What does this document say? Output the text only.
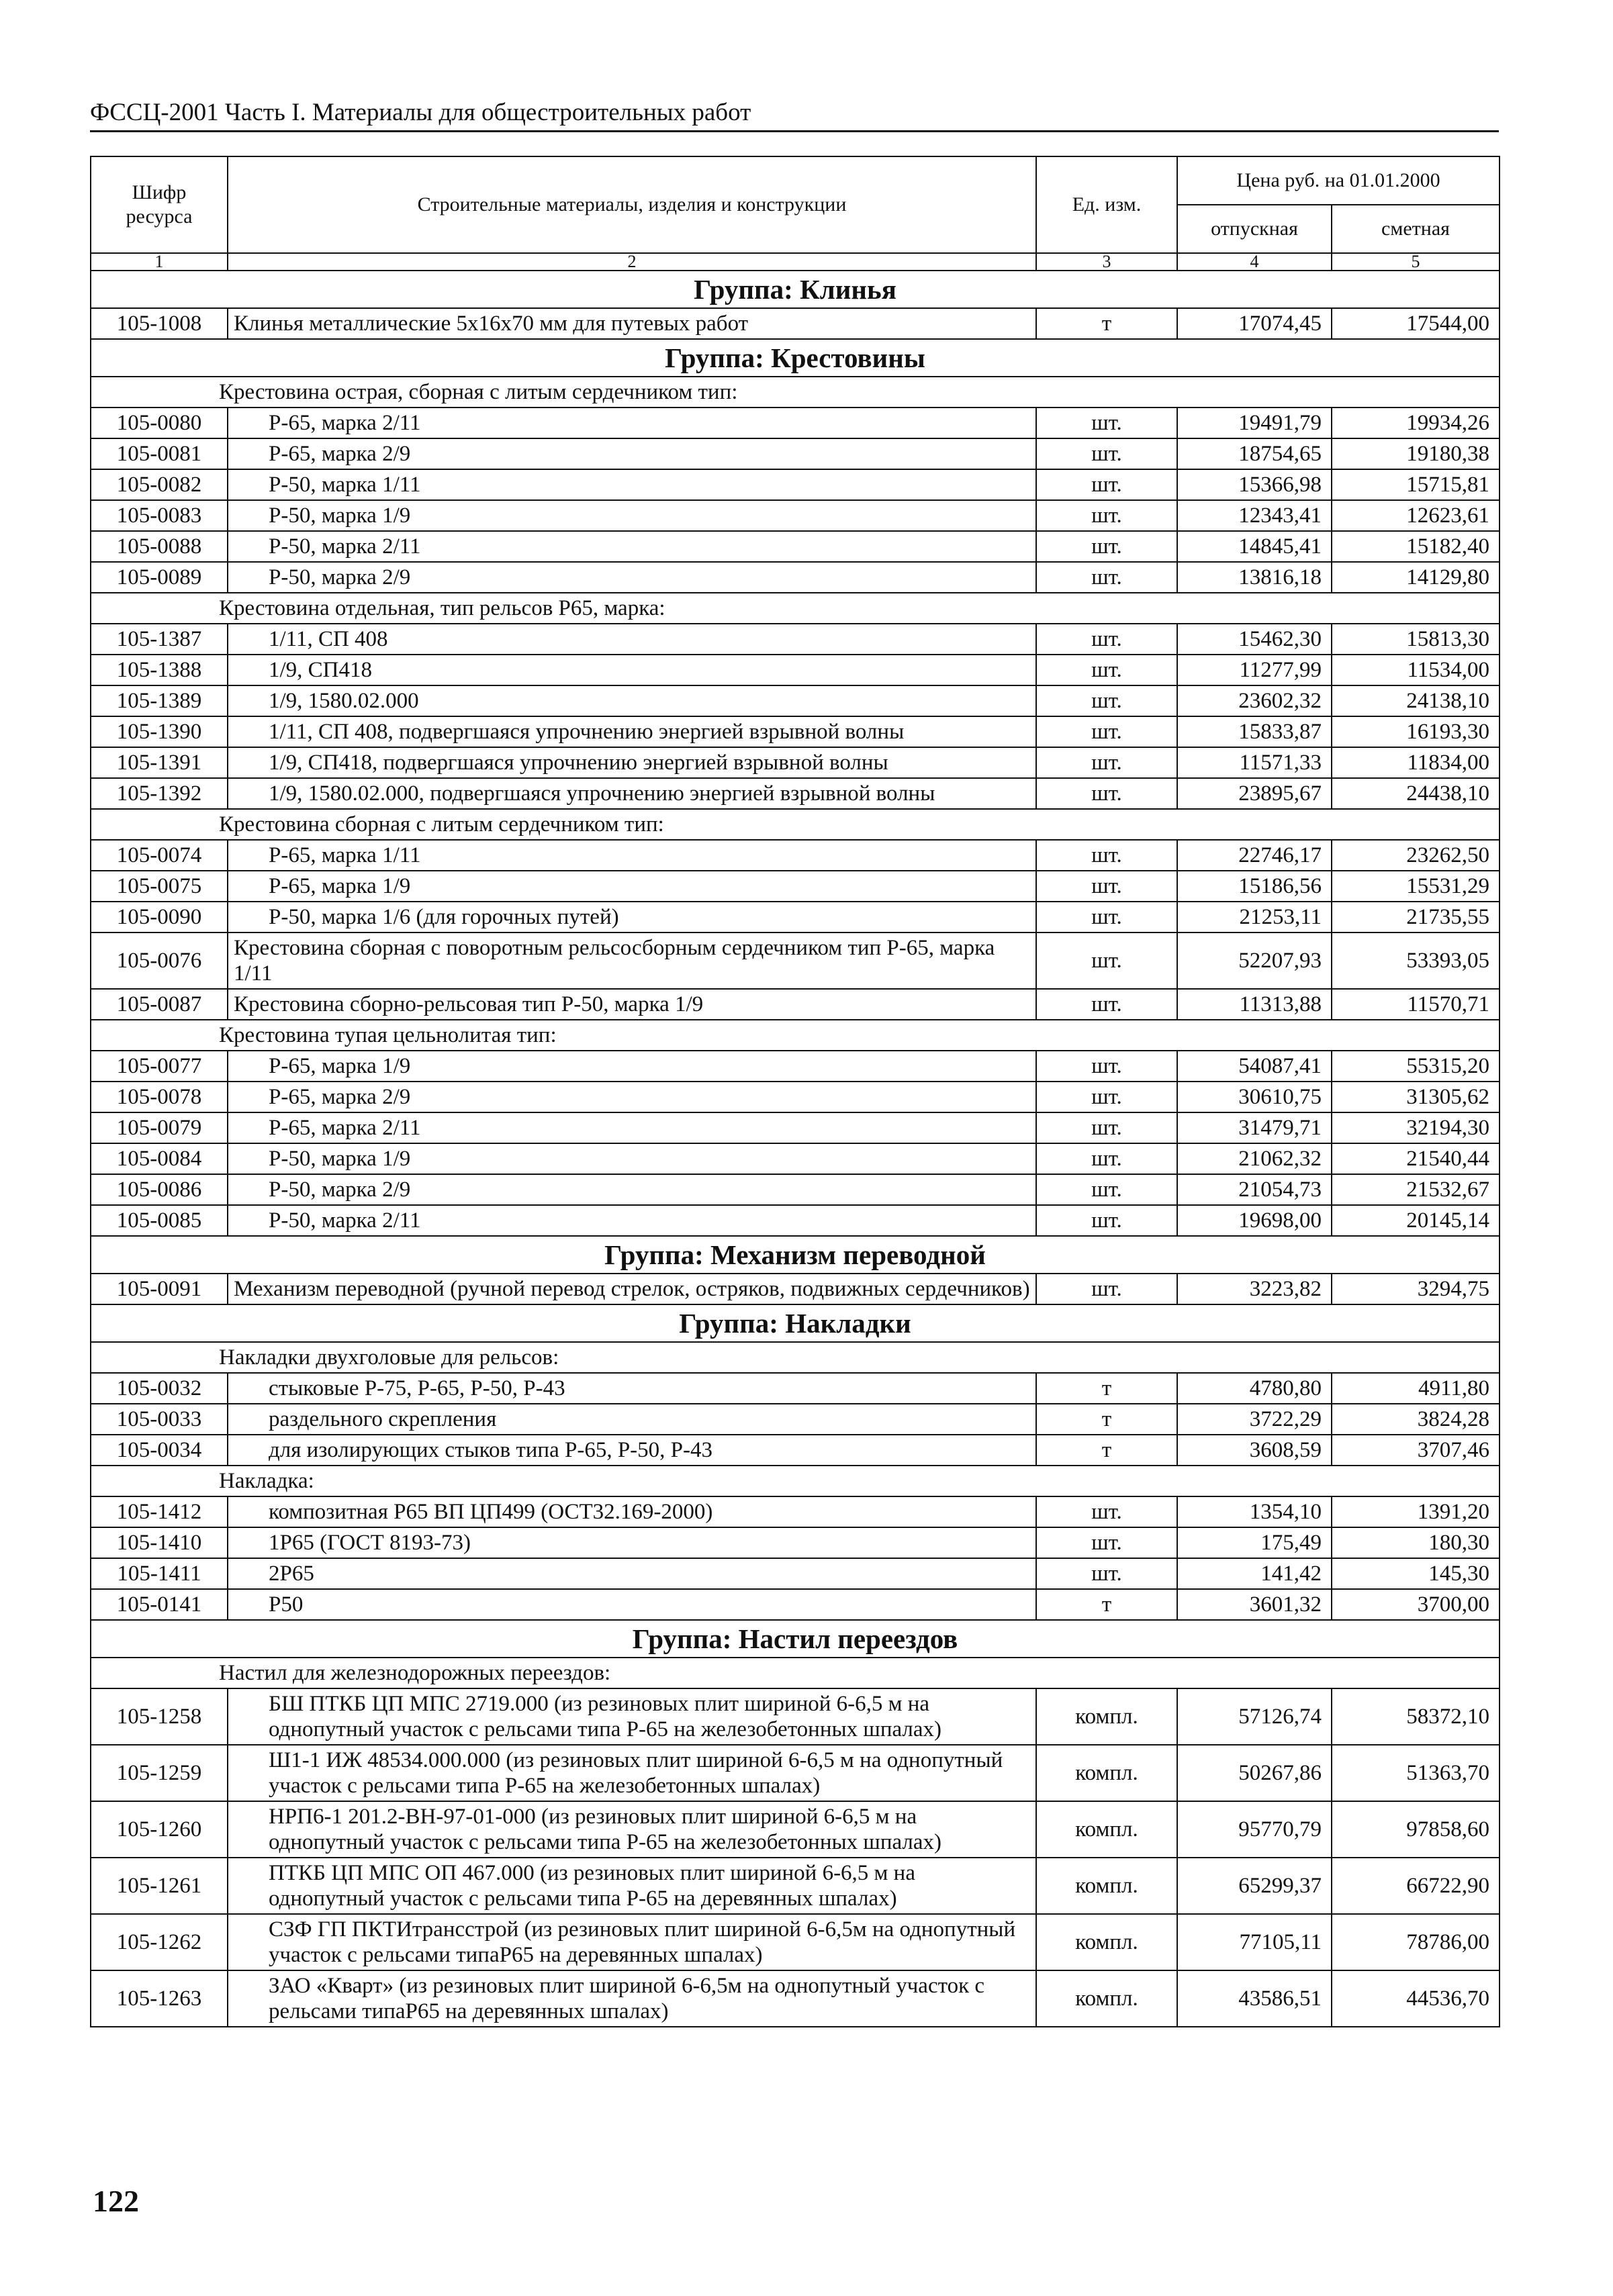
ФССЦ-2001 Часть I. Материалы для общестроительных работ
Шифр ресурса	Строительные материалы, изделия и конструкции	Ед. изм.	Цена руб. на 01.01.2000	
			отпускная	сметная
1	2	3	4	5
Группа: Клинья				
105-1008	Клинья металлические 5х16х70 мм для путевых работ	т	17074,45	17544,00
Группа: Крестовины				
Крестовина острая, сборная с литым сердечником тип:				
105-0080	Р-65, марка 2/11	шт.	19491,79	19934,26
105-0081	Р-65, марка 2/9	шт.	18754,65	19180,38
105-0082	Р-50, марка 1/11	шт.	15366,98	15715,81
105-0083	Р-50, марка 1/9	шт.	12343,41	12623,61
105-0088	Р-50, марка 2/11	шт.	14845,41	15182,40
105-0089	Р-50, марка 2/9	шт.	13816,18	14129,80
Крестовина отдельная, тип рельсов Р65, марка:				
105-1387	1/11, СП 408	шт.	15462,30	15813,30
105-1388	1/9, СП418	шт.	11277,99	11534,00
105-1389	1/9, 1580.02.000	шт.	23602,32	24138,10
105-1390	1/11, СП 408, подвергшаяся упрочнению энергией взрывной волны	шт.	15833,87	16193,30
105-1391	1/9, СП418, подвергшаяся упрочнению энергией взрывной волны	шт.	11571,33	11834,00
105-1392	1/9, 1580.02.000, подвергшаяся упрочнению энергией взрывной волны	шт.	23895,67	24438,10
Крестовина сборная с литым сердечником тип:				
105-0074	Р-65, марка 1/11	шт.	22746,17	23262,50
105-0075	Р-65, марка 1/9	шт.	15186,56	15531,29
105-0090	Р-50, марка 1/6 (для горочных путей)	шт.	21253,11	21735,55
105-0076	Крестовина сборная с поворотным рельсосборным сердечником тип Р-65, марка 1/11	шт.	52207,93	53393,05
105-0087	Крестовина сборно-рельсовая тип Р-50, марка 1/9	шт.	11313,88	11570,71
Крестовина тупая цельнолитая тип:				
105-0077	Р-65, марка 1/9	шт.	54087,41	55315,20
105-0078	Р-65, марка 2/9	шт.	30610,75	31305,62
105-0079	Р-65, марка 2/11	шт.	31479,71	32194,30
105-0084	Р-50, марка 1/9	шт.	21062,32	21540,44
105-0086	Р-50, марка 2/9	шт.	21054,73	21532,67
105-0085	Р-50, марка 2/11	шт.	19698,00	20145,14
Группа: Механизм переводной				
105-0091	Механизм переводной (ручной перевод стрелок, остряков, подвижных сердечников)	шт.	3223,82	3294,75
Группа: Накладки				
Накладки двухголовые для рельсов:				
105-0032	стыковые Р-75, Р-65, Р-50, Р-43	т	4780,80	4911,80
105-0033	раздельного скрепления	т	3722,29	3824,28
105-0034	для изолирующих стыков типа Р-65, Р-50, Р-43	т	3608,59	3707,46
Накладка:				
105-1412	композитная Р65 ВП ЦП499 (ОСТ32.169-2000)	шт.	1354,10	1391,20
105-1410	1Р65 (ГОСТ 8193-73)	шт.	175,49	180,30
105-1411	2Р65	шт.	141,42	145,30
105-0141	Р50	т	3601,32	3700,00
Группа: Настил переездов				
Настил для железнодорожных переездов:				
105-1258	БШ ПТКБ ЦП МПС 2719.000 (из резиновых плит шириной 6-6,5 м на однопутный участок с рельсами типа Р-65 на железобетонных шпалах)	компл.	57126,74	58372,10
105-1259	Ш1-1 ИЖ 48534.000.000 (из резиновых плит шириной 6-6,5 м на однопутный участок с рельсами типа Р-65 на железобетонных шпалах)	компл.	50267,86	51363,70
105-1260	НРП6-1 201.2-ВН-97-01-000 (из резиновых плит шириной 6-6,5 м на однопутный участок с рельсами типа Р-65 на железобетонных шпалах)	компл.	95770,79	97858,60
105-1261	ПТКБ ЦП МПС ОП 467.000 (из резиновых плит шириной 6-6,5 м на однопутный участок с рельсами типа Р-65 на деревянных шпалах)	компл.	65299,37	66722,90
105-1262	СЗФ ГП ПКТИтрансстрой (из резиновых плит шириной 6-6,5м на однопутный участок с рельсами типаР65 на деревянных шпалах)	компл.	77105,11	78786,00
105-1263	ЗАО «Кварт» (из резиновых плит шириной 6-6,5м на однопутный участок с рельсами типаР65 на деревянных шпалах)	компл.	43586,51	44536,70
122
